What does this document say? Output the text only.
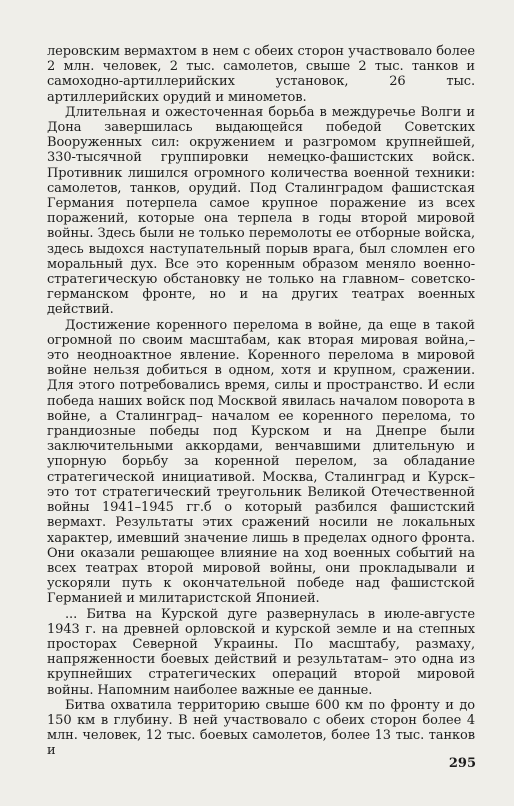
леровским вермахтом в нем с обеих сторон участвовало более 2 млн. человек, 2 тыс. самолетов, свыше 2 тыс. танков и самоходно-артиллерийских установок, 26 тыс. артиллерийских орудий и минометов.

Длительная и ожесточенная борьба в междуречье Волги и Дона завершилась выдающейся победой Советских Вооруженных сил: окружением и разгромом крупнейшей, 330-тысячной группировки немецко-фашистских войск. Противник лишился огромного количества военной техники: самолетов, танков, орудий. Под Сталинградом фашистская Германия потерпела самое крупное поражение из всех поражений, которые она терпела в годы второй мировой войны. Здесь были не только перемолоты ее отборные войска, здесь выдохся наступательный порыв врага, был сломлен его моральный дух. Все это коренным образом меняло военно-стратегическую обстановку не только на главном– советско-германском фронте, но и на других театрах военных действий.

Достижение коренного перелома в войне, да еще в такой огромной по своим масштабам, как вторая мировая война,– это неодноактное явление. Коренного перелома в мировой войне нельзя добиться в одном, хотя и крупном, сражении. Для этого потребовались время, силы и пространство. И если победа наших войск под Москвой явилась началом поворота в войне, а Сталинград– началом ее коренного перелома, то грандиозные победы под Курском и на Днепре были заключительными аккордами, венчавшими длительную и упорную борьбу за коренной перелом, за обладание стратегической инициативой. Москва, Сталинград и Курск– это тот стратегический треугольник Великой Отечественной войны 1941–1945 гг.б о который разбился фашистский вермахт. Результаты этих сражений носили не локальных характер, имевший значение лишь в пределах одного фронта. Они оказали решающее влияние на ход военных событий на всех театрах второй мировой войны, они прокладывали и ускоряли путь к окончательной победе над фашистской Германией и милитаристской Японией.

... Битва на Курской дуге развернулась в июле-августе 1943 г. на древней орловской и курской земле и на степных просторах Северной Украины. По масштабу, размаху, напряженности боевых действий и результатам– это одна из крупнейших стратегических операций второй мировой войны. Напомним наиболее важные ее данные.

Битва охватила территорию свыше 600 км по фронту и до 150 км в глубину. В ней участвовало с обеих сторон более 4 млн. человек, 12 тыс. боевых самолетов, более 13 тыс. танков и

295
